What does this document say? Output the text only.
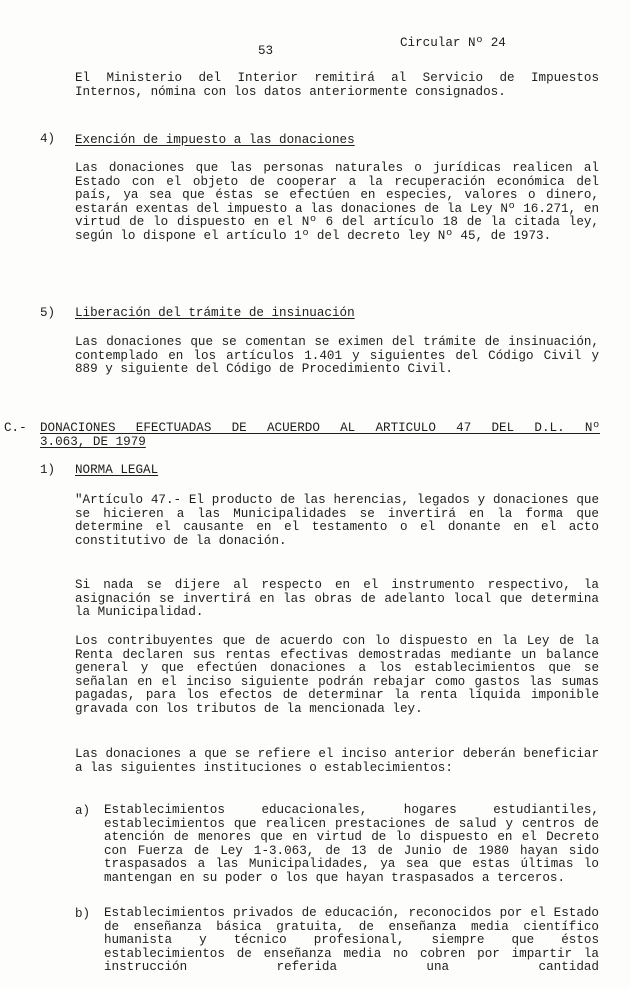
53
Circular Nº 24

El Ministerio del Interior remitirá al Servicio de Impuestos Internos, nómina con los datos anteriormente consignados.

4) Exención de impuesto a las donaciones

Las donaciones que las personas naturales o jurídicas realicen al Estado con el objeto de cooperar a la recuperación económica del país, ya sea que éstas se efectúen en especies, valores o dinero, estarán exentas del impuesto a las donaciones de la Ley Nº 16.271, en virtud de lo dispuesto en el Nº 6 del artículo 18 de la citada ley, según lo dispone el artículo 1º del decreto ley Nº 45, de 1973.

5) Liberación del trámite de insinuación

Las donaciones que se comentan se eximen del trámite de insinuación, contemplado en los artículos 1.401 y siguientes del Código Civil y 889 y siguiente del Código de Procedimiento Civil.

C.- DONACIONES EFECTUADAS DE ACUERDO AL ARTICULO 47 DEL D.L. Nº
3.063, DE 1979
1) NORMA LEGAL

"Artículo 47.- El producto de las herencias, legados y donaciones que se hicieren a las Municipalidades se invertirá en la forma que determine el causante en el testamento o el donante en el acto constitutivo de la donación.

Si nada se dijere al respecto en el instrumento respectivo, la asignación se invertirá en las obras de adelanto local que determina la Municipalidad.

Los contribuyentes que de acuerdo con lo dispuesto en la Ley de la Renta declaren sus rentas efectivas demostradas mediante un balance general y que efectúen donaciones a los establecimientos que se señalan en el inciso siguiente podrán rebajar como gastos las sumas pagadas, para los efectos de determinar la renta líquida imponible gravada con los tributos de la mencionada ley.

Las donaciones a que se refiere el inciso anterior deberán beneficiar a las siguientes instituciones o establecimientos:

a) Establecimientos educacionales, hogares estudiantiles, establecimientos que realicen prestaciones de salud y centros de atención de menores que en virtud de lo dispuesto en el Decreto con Fuerza de Ley 1-3.063, de 13 de Junio de 1980 hayan sido traspasados a las Municipalidades, ya sea que estas últimas lo mantengan en su poder o los que hayan traspasados a terceros.

b) Establecimientos privados de educación, reconocidos por el Estado de enseñanza básica gratuita, de enseñanza media científico humanista y técnico profesional, siempre que éstos establecimientos de enseñanza media no cobren por impartir la instrucción referida una cantidad
